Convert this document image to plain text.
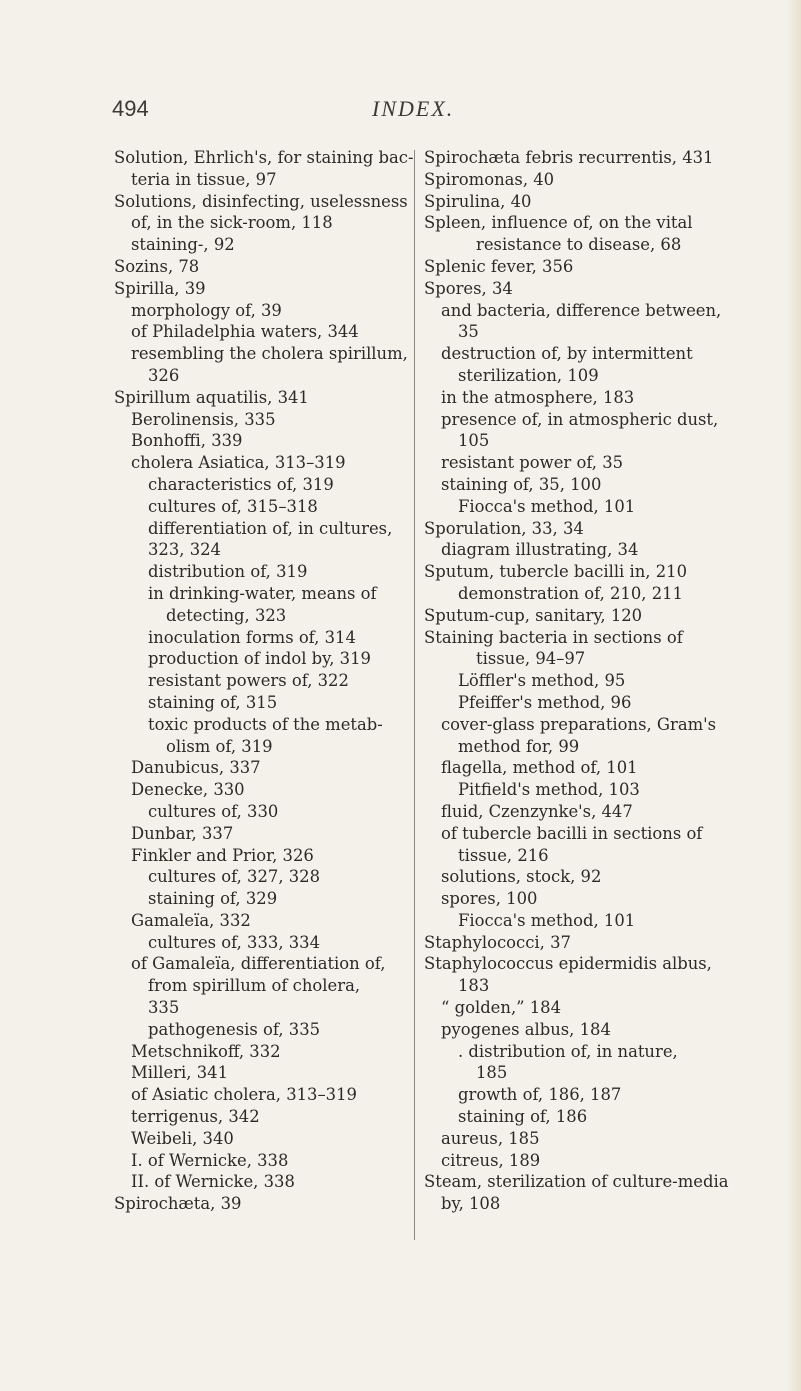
494	INDEX.
Solution, Ehrlich's, for staining bac-
teria in tissue, 97
Solutions, disinfecting, uselessness
of, in the sick-room, 118
staining-, 92
Sozins, 78
Spirilla, 39
morphology of, 39
of Philadelphia waters, 344
resembling the cholera spirillum,
326
Spirillum aquatilis, 341
Berolinensis, 335
Bonhoffi, 339
cholera Asiatica, 313–319
characteristics of, 319
cultures of, 315–318
differentiation of, in cultures,
323, 324
distribution of, 319
in drinking-water, means of
detecting, 323
inoculation forms of, 314
production of indol by, 319
resistant powers of, 322
staining of, 315
toxic products of the metab-
olism of, 319
Danubicus, 337
Denecke, 330
cultures of, 330
Dunbar, 337
Finkler and Prior, 326
cultures of, 327, 328
staining of, 329
Gamaleïa, 332
cultures of, 333, 334
of Gamaleïa, differentiation of,
from spirillum of cholera,
335
pathogenesis of, 335
Metschnikoff, 332
Milleri, 341
of Asiatic cholera, 313–319
terrigenus, 342
Weibeli, 340
I. of Wernicke, 338
II. of Wernicke, 338
Spirochæta, 39
Spirochæta febris recurrentis, 431
Spiromonas, 40
Spirulina, 40
Spleen, influence of, on the vital
resistance to disease, 68
Splenic fever, 356
Spores, 34
and bacteria, difference between,
35
destruction of, by intermittent
sterilization, 109
in the atmosphere, 183
presence of, in atmospheric dust,
105
resistant power of, 35
staining of, 35, 100
Fiocca's method, 101
Sporulation, 33, 34
diagram illustrating, 34
Sputum, tubercle bacilli in, 210
demonstration of, 210, 211
Sputum-cup, sanitary, 120
Staining bacteria in sections of
tissue, 94–97
Löffler's method, 95
Pfeiffer's method, 96
cover-glass preparations, Gram's
method for, 99
flagella, method of, 101
Pitfield's method, 103
fluid, Czenzynke's, 447
of tubercle bacilli in sections of
tissue, 216
solutions, stock, 92
spores, 100
Fiocca's method, 101
Staphylococci, 37
Staphylococcus epidermidis albus,
183
“ golden,” 184
pyogenes albus, 184
. distribution of, in nature,
185
growth of, 186, 187
staining of, 186
aureus, 185
citreus, 189
Steam, sterilization of culture-media
by, 108
